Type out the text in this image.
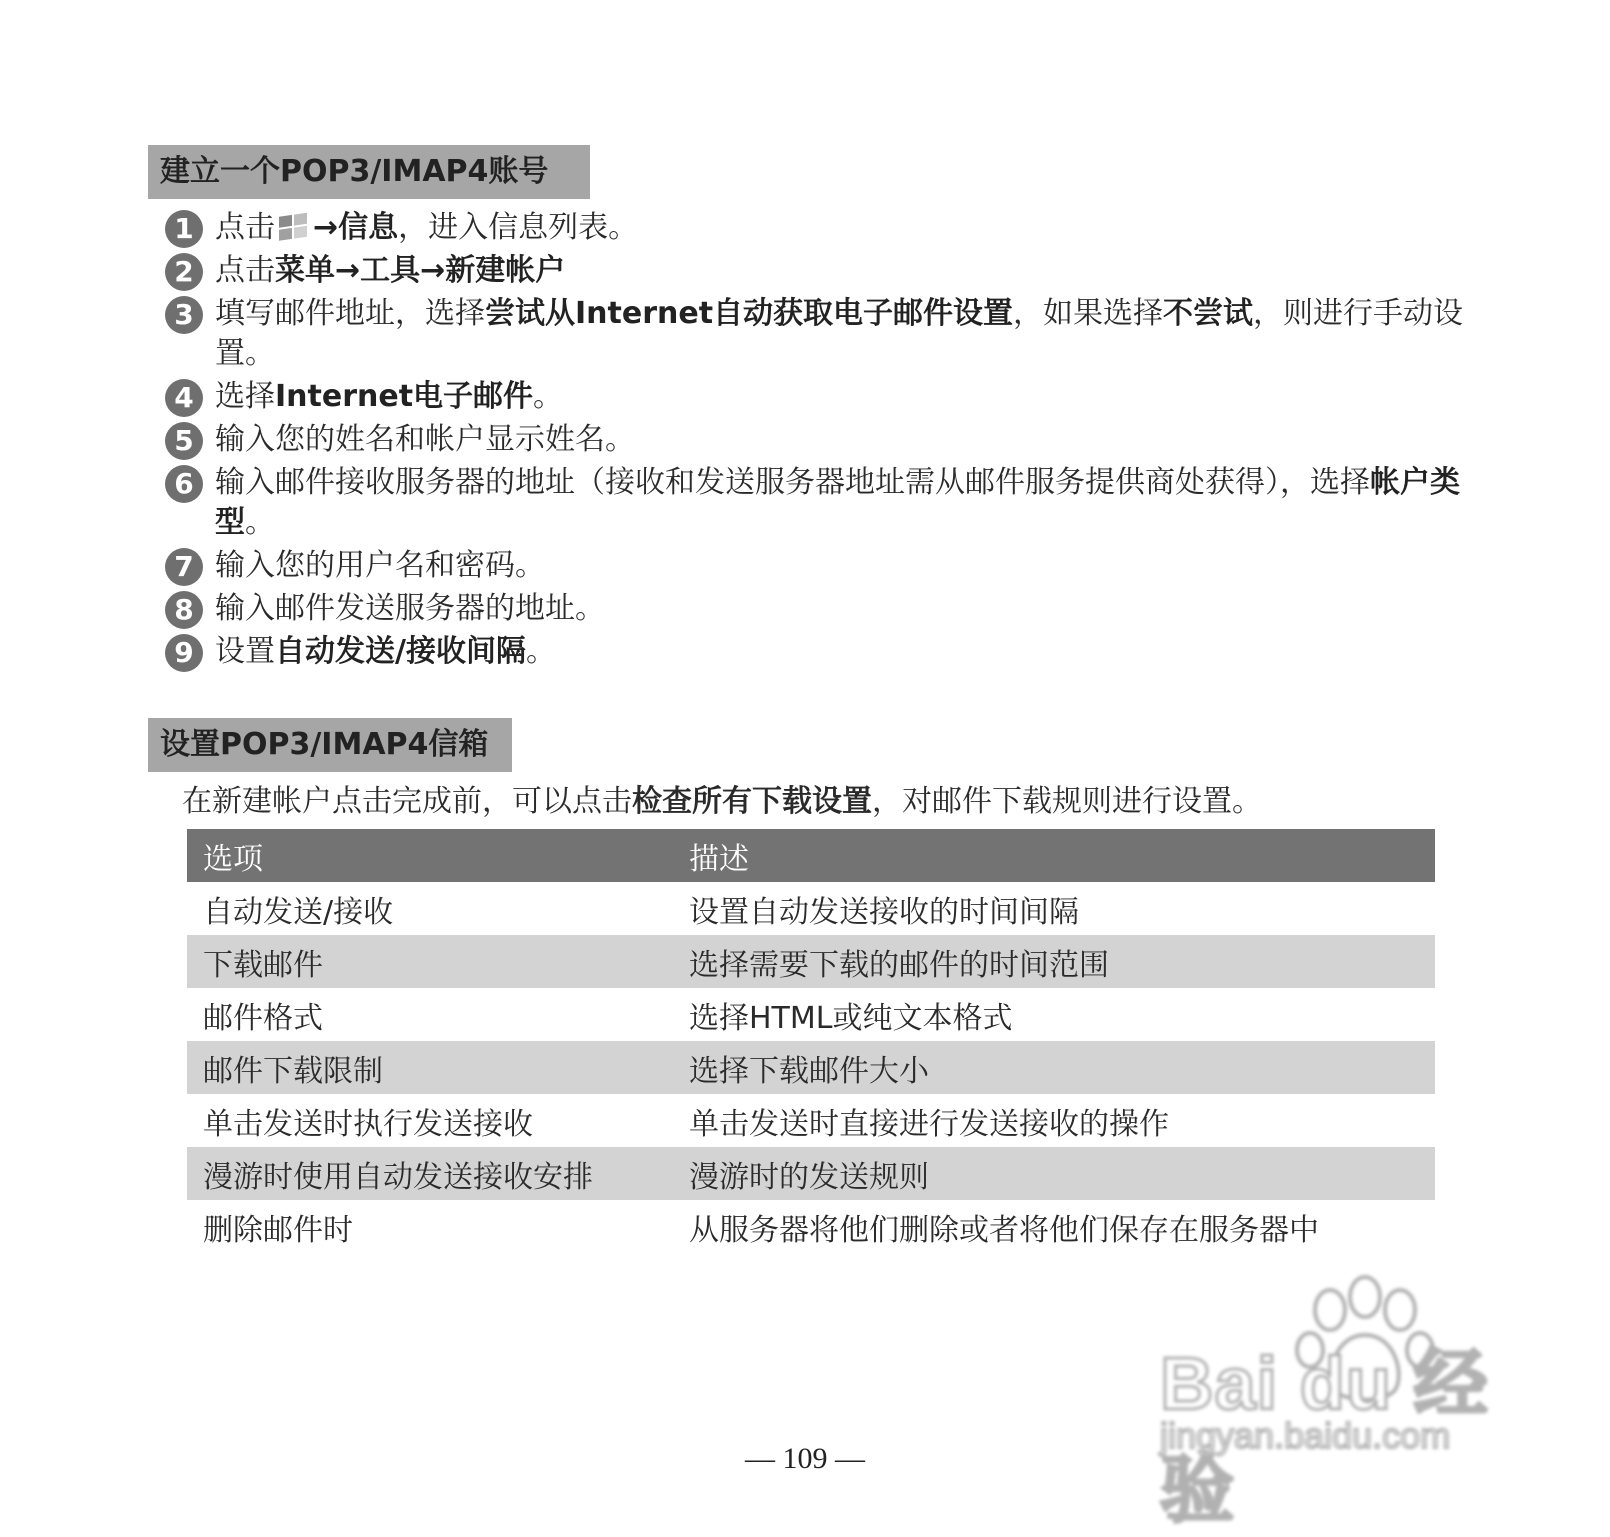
建立一个POP3/IMAP4账号
1 点击 →信息，进入信息列表。
2 点击菜单→工具→新建帐户
3 填写邮件地址，选择尝试从Internet自动获取电子邮件设置，如果选择不尝试，则进行手动设置。
4 选择Internet电子邮件。
5 输入您的姓名和帐户显示姓名。
6 输入邮件接收服务器的地址（接收和发送服务器地址需从邮件服务提供商处获得），选择帐户类型。
7 输入您的用户名和密码。
8 输入邮件发送服务器的地址。
9 设置自动发送/接收间隔。
设置POP3/IMAP4信箱
在新建帐户点击完成前，可以点击检查所有下载设置，对邮件下载规则进行设置。
选项	描述
自动发送/接收	设置自动发送接收的时间间隔
下载邮件	选择需要下载的邮件的时间范围
邮件格式	选择HTML或纯文本格式
邮件下载限制	选择下载邮件大小
单击发送时执行发送接收	单击发送时直接进行发送接收的操作
漫游时使用自动发送接收安排	漫游时的发送规则
删除邮件时	从服务器将他们删除或者将他们保存在服务器中
Bai du 经验
jingyan.baidu.com
— 109 —
